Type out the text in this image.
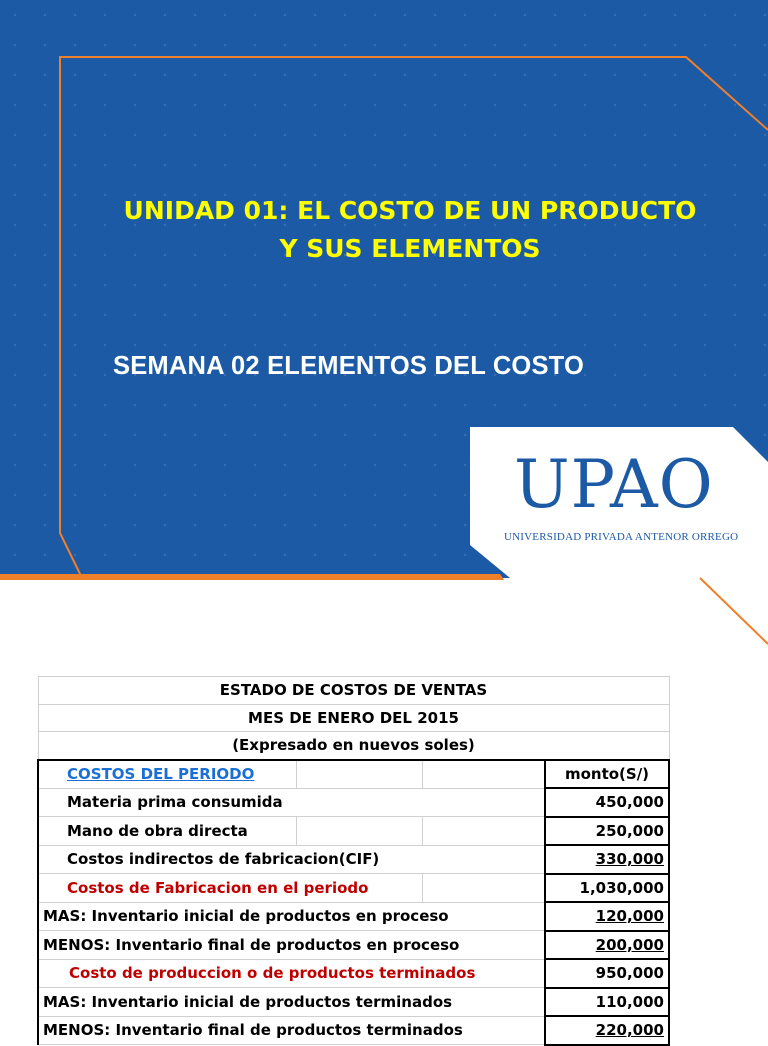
UNIDAD 01: EL COSTO DE UN PRODUCTO
Y SUS ELEMENTOS
SEMANA 02 ELEMENTOS DEL COSTO
UPAO
UNIVERSIDAD PRIVADA ANTENOR ORREGO
ESTADO DE COSTOS DE VENTAS			
MES DE ENERO DEL 2015			
(Expresado en nuevos soles)			
COSTOS DEL PERIODO			monto(S/)
Materia prima consumida			450,000
Mano de obra directa			250,000
Costos indirectos de fabricacion(CIF)			330,000
Costos de Fabricacion en el periodo			1,030,000
MAS: Inventario inicial de productos en proceso			120,000
MENOS: Inventario final de productos en proceso			200,000
Costo de produccion o de productos terminados			950,000
MAS: Inventario inicial de productos terminados			110,000
MENOS: Inventario final de productos terminados			220,000
